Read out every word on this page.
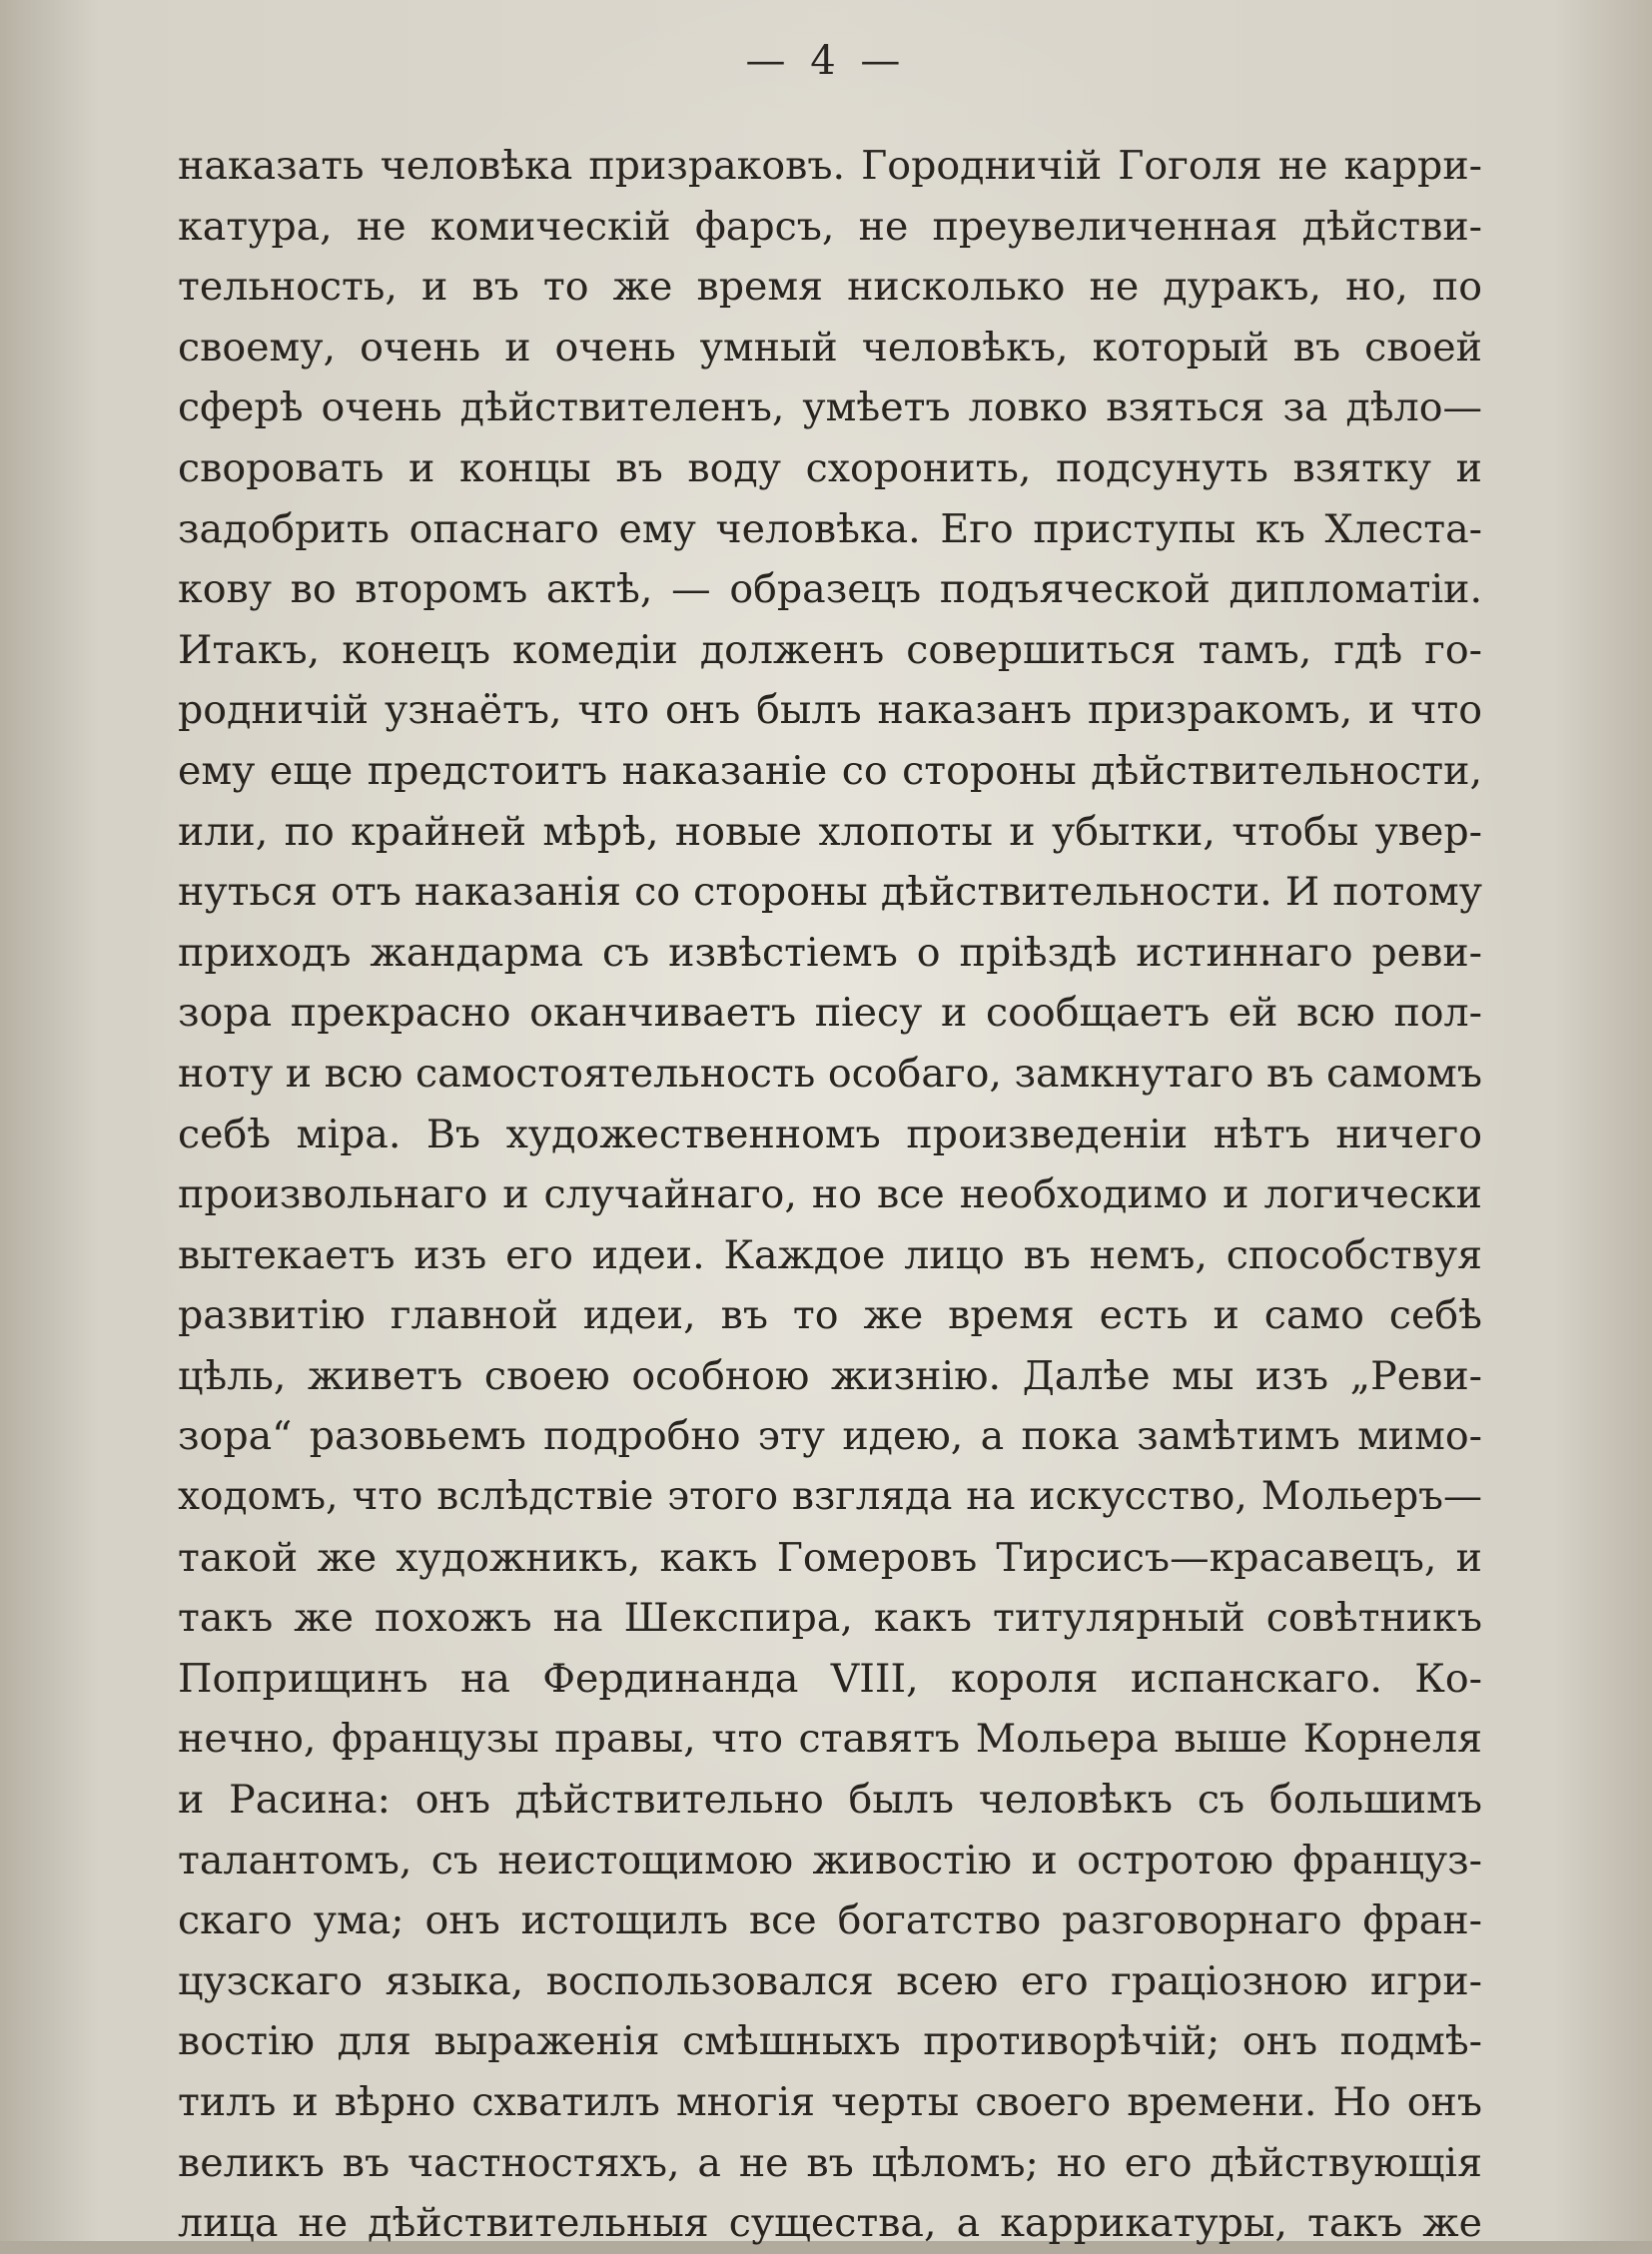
— 4 —
наказать человѣка призраковъ. Городничій Гоголя не карри-
катура, не комическій фарсъ, не преувеличенная дѣйстви-
тельность, и въ то же время нисколько не дуракъ, но, по
своему, очень и очень умный человѣкъ, который въ своей
сферѣ очень дѣйствителенъ, умѣетъ ловко взяться за дѣло—
своровать и концы въ воду схоронить, подсунуть взятку и
задобрить опаснаго ему человѣка. Его приступы къ Хлеста-
кову во второмъ актѣ, — образецъ подъяческой дипломатіи.
Итакъ, конецъ комедіи долженъ совершиться тамъ, гдѣ го-
родничій узнаётъ, что онъ былъ наказанъ призракомъ, и что
ему еще предстоитъ наказаніе со стороны дѣйствительности,
или, по крайней мѣрѣ, новые хлопоты и убытки, чтобы увер-
нуться отъ наказанія со стороны дѣйствительности. И потому
приходъ жандарма съ извѣстіемъ о пріѣздѣ истиннаго реви-
зора прекрасно оканчиваетъ піесу и сообщаетъ ей всю пол-
ноту и всю самостоятельность особаго, замкнутаго въ самомъ
себѣ міра. Въ художественномъ произведеніи нѣтъ ничего
произвольнаго и случайнаго, но все необходимо и логически
вытекаетъ изъ его идеи. Каждое лицо въ немъ, способствуя
развитію главной идеи, въ то же время есть и само себѣ
цѣль, живетъ своею особною жизнію. Далѣе мы изъ „Реви-
зора“ разовьемъ подробно эту идею, а пока замѣтимъ мимо-
ходомъ, что вслѣдствіе этого взгляда на искусство, Мольеръ—
такой же художникъ, какъ Гомеровъ Тирсисъ—красавецъ, и
такъ же похожъ на Шекспира, какъ титулярный совѣтникъ
Поприщинъ на Фердинанда VIII, короля испанскаго. Ко-
нечно, французы правы, что ставятъ Мольера выше Корнеля
и Расина: онъ дѣйствительно былъ человѣкъ съ большимъ
талантомъ, съ неистощимою живостію и остротою француз-
скаго ума; онъ истощилъ все богатство разговорнаго фран-
цузскаго языка, воспользовался всею его граціозною игри-
востію для выраженія смѣшныхъ противорѣчій; онъ подмѣ-
тилъ и вѣрно схватилъ многія черты своего времени. Но онъ
великъ въ частностяхъ, а не въ цѣломъ; но его дѣйствующія
лица не дѣйствительныя существа, а каррикатуры, такъ же
